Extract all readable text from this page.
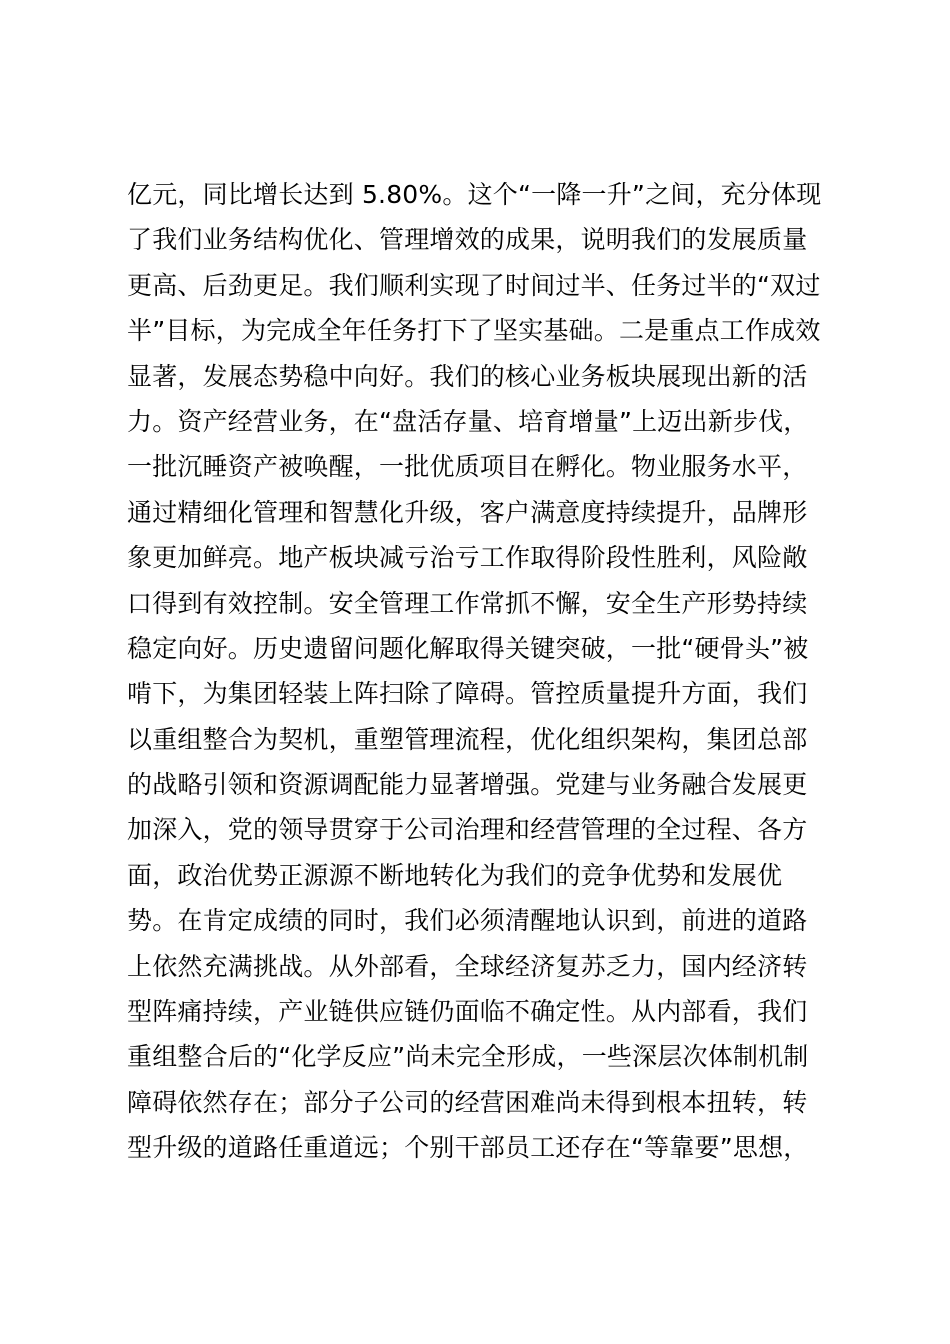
亿元，同比增长达到 5.80%。这个“一降一升”之间，充分体现
了我们业务结构优化、管理增效的成果，说明我们的发展质量
更高、后劲更足。我们顺利实现了时间过半、任务过半的“双过
半”目标，为完成全年任务打下了坚实基础。二是重点工作成效
显著，发展态势稳中向好。我们的核心业务板块展现出新的活
力。资产经营业务，在“盘活存量、培育增量”上迈出新步伐，
一批沉睡资产被唤醒，一批优质项目在孵化。物业服务水平，
通过精细化管理和智慧化升级，客户满意度持续提升，品牌形
象更加鲜亮。地产板块减亏治亏工作取得阶段性胜利，风险敞
口得到有效控制。安全管理工作常抓不懈，安全生产形势持续
稳定向好。历史遗留问题化解取得关键突破，一批“硬骨头”被
啃下，为集团轻装上阵扫除了障碍。管控质量提升方面，我们
以重组整合为契机，重塑管理流程，优化组织架构，集团总部
的战略引领和资源调配能力显著增强。党建与业务融合发展更
加深入，党的领导贯穿于公司治理和经营管理的全过程、各方
面，政治优势正源源不断地转化为我们的竞争优势和发展优
势。在肯定成绩的同时，我们必须清醒地认识到，前进的道路
上依然充满挑战。从外部看，全球经济复苏乏力，国内经济转
型阵痛持续，产业链供应链仍面临不确定性。从内部看，我们
重组整合后的“化学反应”尚未完全形成，一些深层次体制机制
障碍依然存在；部分子公司的经营困难尚未得到根本扭转，转
型升级的道路任重道远；个别干部员工还存在“等靠要”思想，
